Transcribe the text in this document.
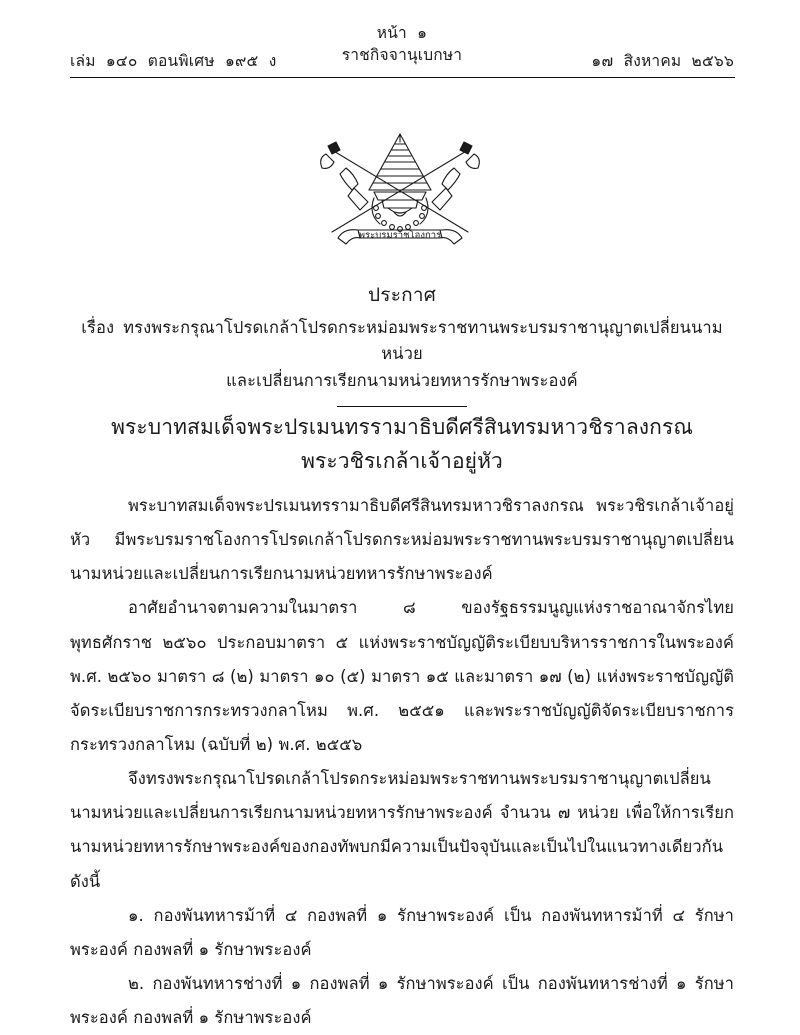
หน้า  ๑
ราชกิจจานุเบกษา
เล่ม  ๑๔๐  ตอนพิเศษ  ๑๙๕  ง	๑๗  สิงหาคม  ๒๕๖๖
พระบรมราชโองการ
ประกาศ
เรื่อง ทรงพระกรุณาโปรดเกล้าโปรดกระหม่อมพระราชทานพระบรมราชานุญาตเปลี่ยนนามหน่วย
และเปลี่ยนการเรียกนามหน่วยทหารรักษาพระองค์
พระบาทสมเด็จพระปรเมนทรรามาธิบดีศรีสินทรมหาวชิราลงกรณ
พระวชิรเกล้าเจ้าอยู่หัว

พระบาทสมเด็จพระปรเมนทรรามาธิบดีศรีสินทรมหาวชิราลงกรณ พระวชิรเกล้าเจ้าอยู่หัว มีพระบรมราชโองการโปรดเกล้าโปรดกระหม่อมพระราชทานพระบรมราชานุญาตเปลี่ยนนามหน่วยและเปลี่ยนการเรียกนามหน่วยทหารรักษาพระองค์

อาศัยอำนาจตามความในมาตรา ๘ ของรัฐธรรมนูญแห่งราชอาณาจักรไทย พุทธศักราช ๒๕๖๐ ประกอบมาตรา ๕ แห่งพระราชบัญญัติระเบียบบริหารราชการในพระองค์ พ.ศ. ๒๕๖๐ มาตรา ๘ (๒) มาตรา ๑๐ (๕) มาตรา ๑๕ และมาตรา ๑๗ (๒) แห่งพระราชบัญญัติจัดระเบียบราชการกระทรวงกลาโหม พ.ศ. ๒๕๕๑ และพระราชบัญญัติจัดระเบียบราชการกระทรวงกลาโหม (ฉบับที่ ๒) พ.ศ. ๒๕๕๖

จึงทรงพระกรุณาโปรดเกล้าโปรดกระหม่อมพระราชทานพระบรมราชานุญาตเปลี่ยนนามหน่วยและเปลี่ยนการเรียกนามหน่วยทหารรักษาพระองค์ จำนวน ๗ หน่วย เพื่อให้การเรียกนามหน่วยทหารรักษาพระองค์ของกองทัพบกมีความเป็นปัจจุบันและเป็นไปในแนวทางเดียวกัน ดังนี้

๑. กองพันทหารม้าที่ ๔ กองพลที่ ๑ รักษาพระองค์ เป็น กองพันทหารม้าที่ ๔ รักษาพระองค์ กองพลที่ ๑ รักษาพระองค์

๒. กองพันทหารช่างที่ ๑ กองพลที่ ๑ รักษาพระองค์ เป็น กองพันทหารช่างที่ ๑ รักษาพระองค์ กองพลที่ ๑ รักษาพระองค์
